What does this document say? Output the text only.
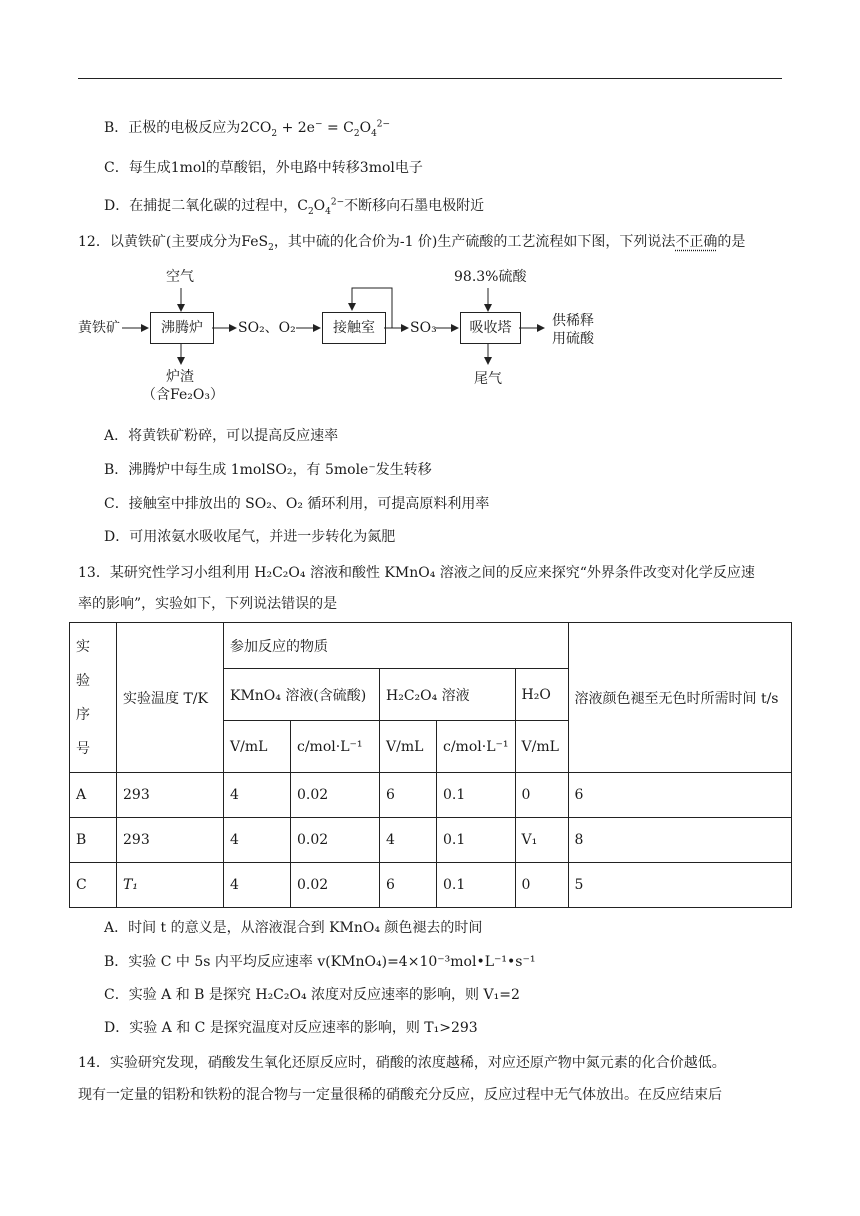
B．正极的电极反应为$2CO_2 + 2e^- = C_2O_4^{2-}$
C．每生成1mol的草酸铝，外电路中转移3mol电子
D．在捕捉二氧化碳的过程中，$C_2O_4^{2-}$不断移向石墨电极附近
12．以黄铁矿(主要成分为FeS$_2$，其中硫的化合价为-1 价)生产硫酸的工艺流程如下图，下列说法不正确的是
黄铁矿
空气
沸腾炉	SO₂、O₂	接触室	SO₃	吸收塔
98.3%硫酸
供稀释
用硫酸
炉渣
（含Fe₂O₃）
尾气
A．将黄铁矿粉碎，可以提高反应速率
B．沸腾炉中每生成 1molSO₂，有 5mole⁻发生转移
C．接触室中排放出的 SO₂、O₂ 循环利用，可提高原料利用率
D．可用浓氨水吸收尾气，并进一步转化为氮肥
13．某研究性学习小组利用 H₂C₂O₄ 溶液和酸性 KMnO₄ 溶液之间的反应来探究“外界条件改变对化学反应速
率的影响”，实验如下，下列说法错误的是
实
验
序
号	实验温度 T/K	参加反应的物质					溶液颜色褪至无色时所需时间 t/s
		KMnO₄ 溶液(含硫酸)		H₂C₂O₄ 溶液		H₂O	
		V/mL	c/mol·L⁻¹	V/mL	c/mol·L⁻¹	V/mL	
A	293	4	0.02	6	0.1	0	6
B	293	4	0.02	4	0.1	V₁	8
C	T₁	4	0.02	6	0.1	0	5
A．时间 t 的意义是，从溶液混合到 KMnO₄ 颜色褪去的时间
B．实验 C 中 5s 内平均反应速率 v(KMnO₄)=4×10⁻³mol•L⁻¹•s⁻¹
C．实验 A 和 B 是探究 H₂C₂O₄ 浓度对反应速率的影响，则 V₁=2
D．实验 A 和 C 是探究温度对反应速率的影响，则 T₁>293
14．实验研究发现，硝酸发生氧化还原反应时，硝酸的浓度越稀，对应还原产物中氮元素的化合价越低。
现有一定量的铝粉和铁粉的混合物与一定量很稀的硝酸充分反应，反应过程中无气体放出。在反应结束后
